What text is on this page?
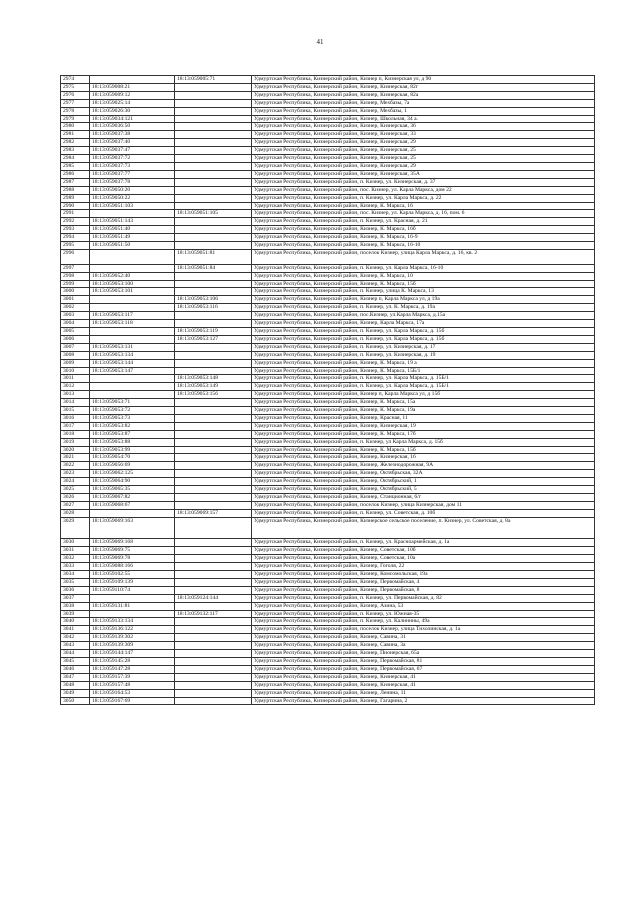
41
2974		18:13:059005:71	Удмуртская Республика, Кизнерский район, Кизнер п, Кизнерская ул, д 90
2975	18:13:059008:21		Удмуртская Республика, Кизнерский район, Кизнер, Кизнерская, 82г
2976	18:13:059009:12		Удмуртская Республика, Кизнерский район, Кизнер, Кизнерская, 82а
2977	18:13:059025:14		Удмуртская Республика, Кизнерский район, Кизнер, Мехбазы, 7а
2978	18:13:059026:30		Удмуртская Республика, Кизнерский район, Кизнер, Мехбазы, 1
2979	18:13:059034:121		Удмуртская Республика, Кизнерский район, Кизнер, Школьная, 34 а.
2980	18:13:059036:50		Удмуртская Республика, Кизнерский район, Кизнер, Кизнерская, 36
2981	18:13:059037:38		Удмуртская Республика, Кизнерский район, Кизнер, Кизнерская, 33
2982	18:13:059037:40		Удмуртская Республика, Кизнерский район, Кизнер, Кизнерская, 29
2983	18:13:059037:47		Удмуртская Республика, Кизнерский район, Кизнер, Кизнерская, 25
2984	18:13:059037:72		Удмуртская Республика, Кизнерский район, Кизнер, Кизнерская, 25
2985	18:13:059037:73		Удмуртская Республика, Кизнерский район, Кизнер, Кизнерская, 29
2986	18:13:059037:77		Удмуртская Республика, Кизнерский район, Кизнер, Кизнерская, 35А
2987	18:13:059037:78		Удмуртская Республика, Кизнерский район, п. Кизнер, ул. Кизнерская, д. 37
2988	18:13:059050:20		Удмуртская Республика, Кизнерский район, пос. Кизнер, ул. Карла Маркса, дом 22
2989	18:13:059050:22		Удмуртская Республика, Кизнерский район, п. Кизнер, ул. Карла Маркса, д. 22
2990	18:13:059051:103		Удмуртская Республика, Кизнерский район, Кизнер, К. Маркса, 16
2991		18:13:059051:105	Удмуртская Республика, Кизнерский район, пос. Кизнер, ул. Карла Маркса, д. 16, пом. 6
2992	18:13:059051:143		Удмуртская Республика, Кизнерский район, п. Кизнер, ул. Красная, д. 21
2993	18:13:059051:40		Удмуртская Республика, Кизнерский район, Кизнер, К. Маркса, 16б
2994	18:13:059051:49		Удмуртская Республика, Кизнерский район, Кизнер, К. Маркса, 16-9
2995	18:13:059051:50		Удмуртская Республика, Кизнерский район, Кизнер, К. Маркса, 16-10
2996		18:13:059051:81	Удмуртская Республика, Кизнерский район, поселок Кизнер, улица Карла Маркса, д. 16, кв. 2
2997		18:13:059051:84	Удмуртская Республика, Кизнерский район, п. Кизнер, ул. Карла Маркса, 16-10
2998	18:13:059052:40		Удмуртская Республика, Кизнерский район, Кизнер, К. Маркса, 10
2999	18:13:059053:100		Удмуртская Республика, Кизнерский район, Кизнер, К. Маркса, 15б
3000	18:13:059053:101		Удмуртская Республика, Кизнерский район, п. Кизнер, улица К. Маркса, 13
3001		18:13:059053:106	Удмуртская Республика, Кизнерский район, Кизнер п, Карла Маркса ул, д 19а
3002		18:13:059053:116	Удмуртская Республика, Кизнерский район, п. Кизнер, ул. К. Маркса, д. 19а
3003	18:13:059053:117		Удмуртская Республика, Кизнерский район, пос.Кизнер, ул.Карла Маркса, д.15а
3004	18:13:059053:118		Удмуртская Республика, Кизнерский район, Кизнер, Карла Маркса, 17а
3005		18:13:059053:119	Удмуртская Республика, Кизнерский район, п. Кизнер, ул. Карла Маркса, д. 15б
3006		18:13:059053:127	Удмуртская Республика, Кизнерский район, п. Кизнер, ул. Карла Маркса, д. 15б
3007	18:13:059053:131		Удмуртская Республика, Кизнерский район, п. Кизнер, ул. Кизнерская, д. 17
3008	18:13:059053:134		Удмуртская Республика, Кизнерский район, п. Кизнер, ул. Кизнерская, д. 19
3009	18:13:059053:144		Удмуртская Республика, Кизнерский район, Кизнер, К. Маркса, 19 а
3010	18:13:059053:147		Удмуртская Республика, Кизнерский район, Кизнер, К. Маркса, 15Б/1
3011		18:13:059053:148	Удмуртская Республика, Кизнерский район, п. Кизнер, ул. Карла Маркса, д. 15Б/1
3012		18:13:059053:149	Удмуртская Республика, Кизнерский район, п. Кизнер, ул. Карла Маркса, д. 15Б/1
3013		18:13:059053:156	Удмуртская Республика, Кизнерский район, Кизнер п, Карла Маркса ул, д 15б
3014	18:13:059053:71		Удмуртская Республика, Кизнерский район, Кизнер, К. Маркса, 15а
3015	18:13:059053:72		Удмуртская Республика, Кизнерский район, Кизнер, К. Маркса, 19а
3016	18:13:059053:73		Удмуртская Республика, Кизнерский район, Кизнер, Красная, 11
3017	18:13:059053:82		Удмуртская Республика, Кизнерский район, Кизнер, Кизнерская, 19
3018	18:13:059053:87		Удмуртская Республика, Кизнерский район, Кизнер, К. Маркса, 17б
3019	18:13:059053:88		Удмуртская Республика, Кизнерский район, п. Кизнер, ул Карла Маркса, д. 15б
3020	18:13:059053:99		Удмуртская Республика, Кизнерский район, Кизнер, К. Маркса, 15б
3021	18:13:059054:70		Удмуртская Республика, Кизнерский район, Кизнер, Кизнерская, 16
3022	18:13:059056:69		Удмуртская Республика, Кизнерский район, Кизнер, Железнодорожная, 9А
3023	18:13:059062:125		Удмуртская Республика, Кизнерский район, Кизнер, Октябрьская, 32А
3024	18:13:059064:90		Удмуртская Республика, Кизнерский район, Кизнер, Октябрьский, 1
3025	18:13:059065:35		Удмуртская Республика, Кизнерский район, Кизнер, Октябрьский, 5
3026	18:13:059067:82		Удмуртская Республика, Кизнерский район, Кизнер, Станционная, 6/г
3027	18:13:059068:67		Удмуртская Республика, Кизнерский район, поселок Кизнер, улица Кизнерская, дом 11
3028		18:13:059069:157	Удмуртская Республика, Кизнерский район, п. Кизнер, ул. Советская, д. 10б
3029	18:13:059069:163		Удмуртская Республика, Кизнерский район, Кизнерское сельское поселение, п. Кизнер, ул. Советская, д. 8а
3030	18:13:059069:168		Удмуртская Республика, Кизнерский район, п. Кизнер, ул. Красноармейская, д. 1а
3031	18:13:059069:75		Удмуртская Республика, Кизнерский район, Кизнер, Советская, 10б
3032	18:13:059069:78		Удмуртская Республика, Кизнерский район, Кизнер, Советская, 10а
3033	18:13:059088:166		Удмуртская Республика, Кизнерский район, Кизнер, Гоголя, 22
3034	18:13:059102:55		Удмуртская Республика, Кизнерский район, Кизнер, Комсомольская, 19а
3035	18:13:059109:139		Удмуртская Республика, Кизнерский район, Кизнер, Первомайская, 4
3036	18:13:059110:74		Удмуртская Республика, Кизнерский район, Кизнер, Первомайская, 8
3037		18:13:059124:144	Удмуртская Республика, Кизнерский район, п. Кизнер, ул. Первомайская, д. 82
3038	18:13:059131:81		Удмуртская Республика, Кизнерский район, Кизнер, Азина, 53
3039		18:13:059132:117	Удмуртская Республика, Кизнерский район, п. Кизнер, ул. Южная-35
3040	18:13:059133:134		Удмуртская Республика, Кизнерский район, п. Кизнер, ул. Калинины, 49а
3041	18:13:059136:122		Удмуртская Республика, Кизнерский район, поселок Кизнер, улица Тихолинская, д. 1а
3042	18:13:059139:302		Удмуртская Республика, Кизнерский район, Кизнер, Савина, 31
3043	18:13:059139:309		Удмуртская Республика, Кизнерский район, Кизнер, Савина, 3а
3044	18:13:059144:147		Удмуртская Республика, Кизнерский район, Кизнер, Пионерская, 65а
3045	18:13:059145:28		Удмуртская Республика, Кизнерский район, Кизнер, Первомайская, 81
3046	18:13:059147:28		Удмуртская Республика, Кизнерский район, Кизнер, Первомайская, 67
3047	18:13:059157:39		Удмуртская Республика, Кизнерский район, Кизнер, Кизнерская, 41
3048	18:13:059157:48		Удмуртская Республика, Кизнерский район, Кизнер, Кизнерская, 41
3049	18:13:059164:53		Удмуртская Республика, Кизнерский район, Кизнер, Ленина, 11
3050	18:13:059167:69		Удмуртская Республика, Кизнерский район, Кизнер, Гагарина, 2
